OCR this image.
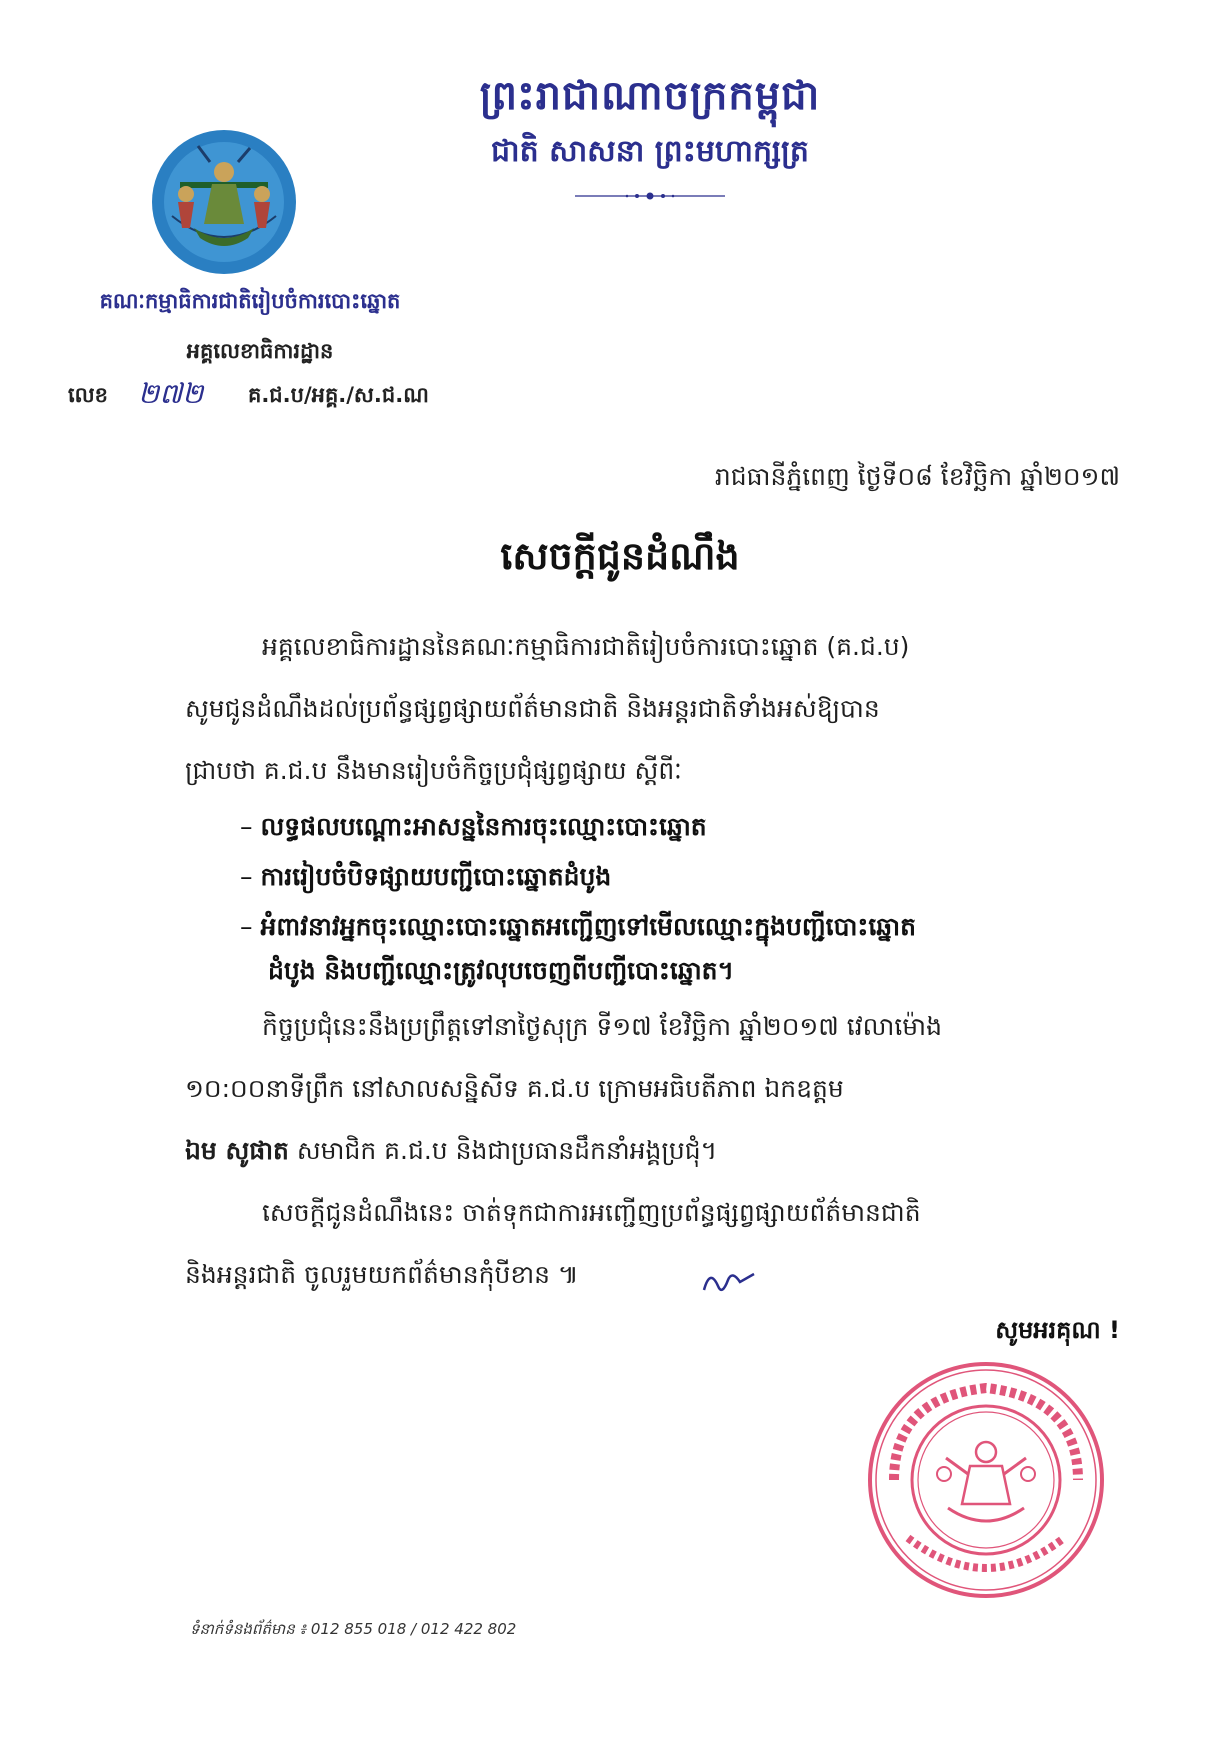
ព្រះរាជាណាចក្រកម្ពុជា
ជាតិ សាសនា ព្រះមហាក្សត្រ
គណៈកម្មាធិការជាតិរៀបចំការបោះឆ្នោត
អគ្គលេខាធិការដ្ឋាន
លេខ ២៧២ គ.ជ.ប/អគ្គ./ស.ជ.ណ
រាជធានីភ្នំពេញ ថ្ងៃទី០៨ ខែវិច្ឆិកា ឆ្នាំ២០១៧
សេចក្តីជូនដំណឹង
អគ្គលេខាធិការដ្ឋាននៃគណៈកម្មាធិការជាតិរៀបចំការបោះឆ្នោត (គ.ជ.ប)
សូមជូនដំណឹងដល់ប្រព័ន្ធផ្សព្វផ្សាយព័ត៌មានជាតិ និងអន្តរជាតិទាំងអស់ឱ្យបាន
ជ្រាបថា គ.ជ.ប នឹងមានរៀបចំកិច្ចប្រជុំផ្សព្វផ្សាយ ស្តីពីៈ
– លទ្ធផលបណ្តោះអាសន្ននៃការចុះឈ្មោះបោះឆ្នោត
– ការរៀបចំបិទផ្សាយបញ្ជីបោះឆ្នោតដំបូង
– អំពាវនាវអ្នកចុះឈ្មោះបោះឆ្នោតអញ្ជើញទៅមើលឈ្មោះក្នុងបញ្ជីបោះឆ្នោត
ដំបូង និងបញ្ជីឈ្មោះត្រូវលុបចេញពីបញ្ជីបោះឆ្នោត។
កិច្ចប្រជុំនេះនឹងប្រព្រឹត្តទៅនាថ្ងៃសុក្រ ទី១៧ ខែវិច្ឆិកា ឆ្នាំ២០១៧ វេលាម៉ោង
១០:០០នាទីព្រឹក នៅសាលសន្និសីទ គ.ជ.ប ក្រោមអធិបតីភាព ឯកឧត្តម
ឯម សូផាត សមាជិក គ.ជ.ប និងជាប្រធានដឹកនាំអង្គប្រជុំ។
សេចក្តីជូនដំណឹងនេះ ចាត់ទុកជាការអញ្ជើញប្រព័ន្ធផ្សព្វផ្សាយព័ត៌មានជាតិ
និងអន្តរជាតិ ចូលរួមយកព័ត៌មានកុំបីខាន ៕
សូមអរគុណ !
ទំនាក់ទំនងព័ត៌មាន ៖ 012 855 018 / 012 422 802
